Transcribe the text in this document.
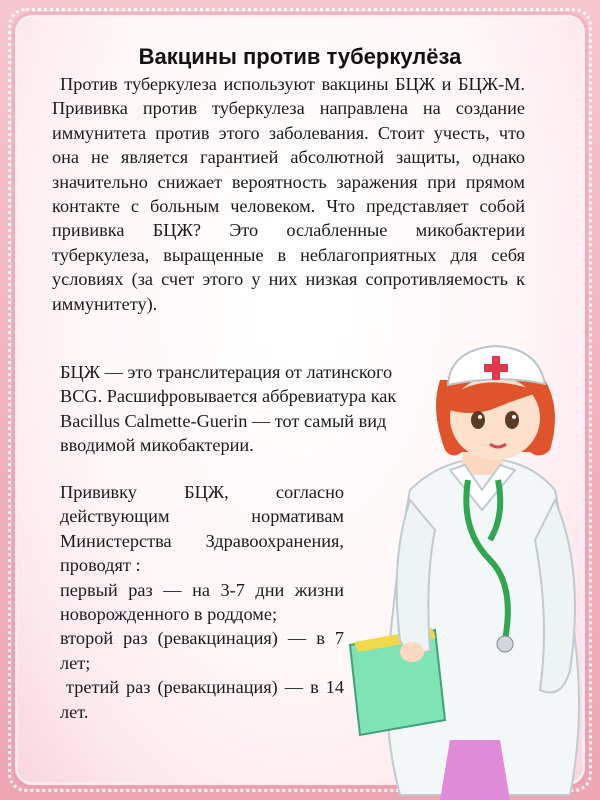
Вакцины против туберкулёза

Против туберкулеза используют вакцины БЦЖ и БЦЖ-М. Прививка против туберкулеза направлена на создание иммунитета против этого заболевания. Стоит учесть, что она не является гарантией абсолютной защиты, однако значительно снижает вероятность заражения при прямом контакте с больным человеком. Что представляет собой прививка БЦЖ? Это ослабленные микобактерии туберкулеза, выращенные в неблагоприятных для себя условиях (за счет этого у них низкая сопротивляемость к иммунитету).

БЦЖ — это транслитерация от латинского
BCG. Расшифровывается аббревиатура как
Bacillus Calmette-Guerin — тот самый вид
вводимой микобактерии.
Прививку БЦЖ, согласно действующим нормативам Министерства Здравоохранения, проводят :
первый раз — на 3-7 дни жизни новорожденного в роддоме;
второй раз (ревакцинация) — в 7 лет;
третий раз (ревакцинация) — в 14 лет.
